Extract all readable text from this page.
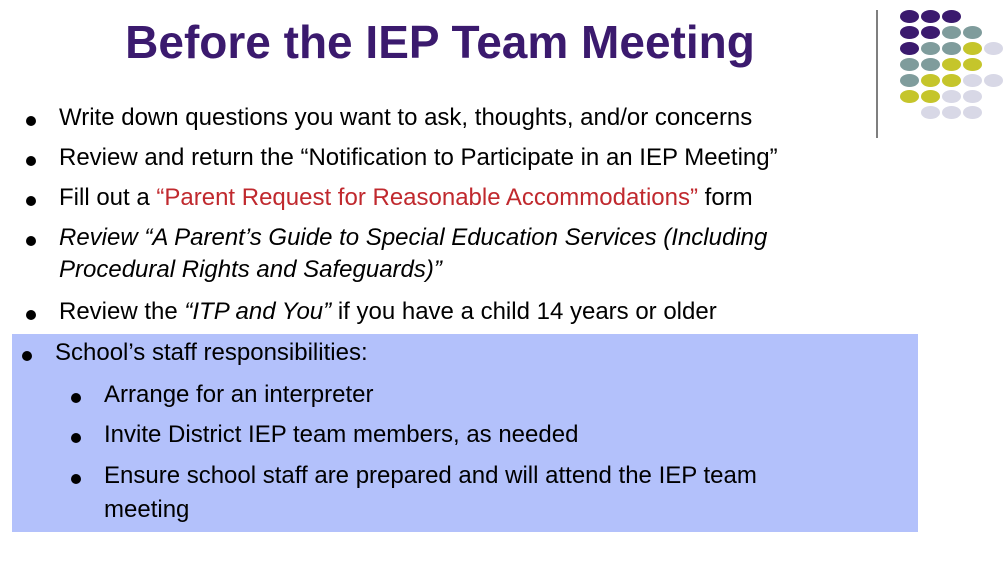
Before the IEP Team Meeting
Write down questions you want to ask, thoughts, and/or concerns
Review and return the “Notification to Participate in an IEP Meeting”
Fill out a “Parent Request for Reasonable Accommodations” form
Review “A Parent’s Guide to Special Education Services (Including
Procedural Rights and Safeguards)”
Review the “ITP and You” if you have a child 14 years or older
School’s staff responsibilities:
Arrange for an interpreter
Invite District IEP team members, as needed
Ensure school staff are prepared and will attend the IEP team
meeting
